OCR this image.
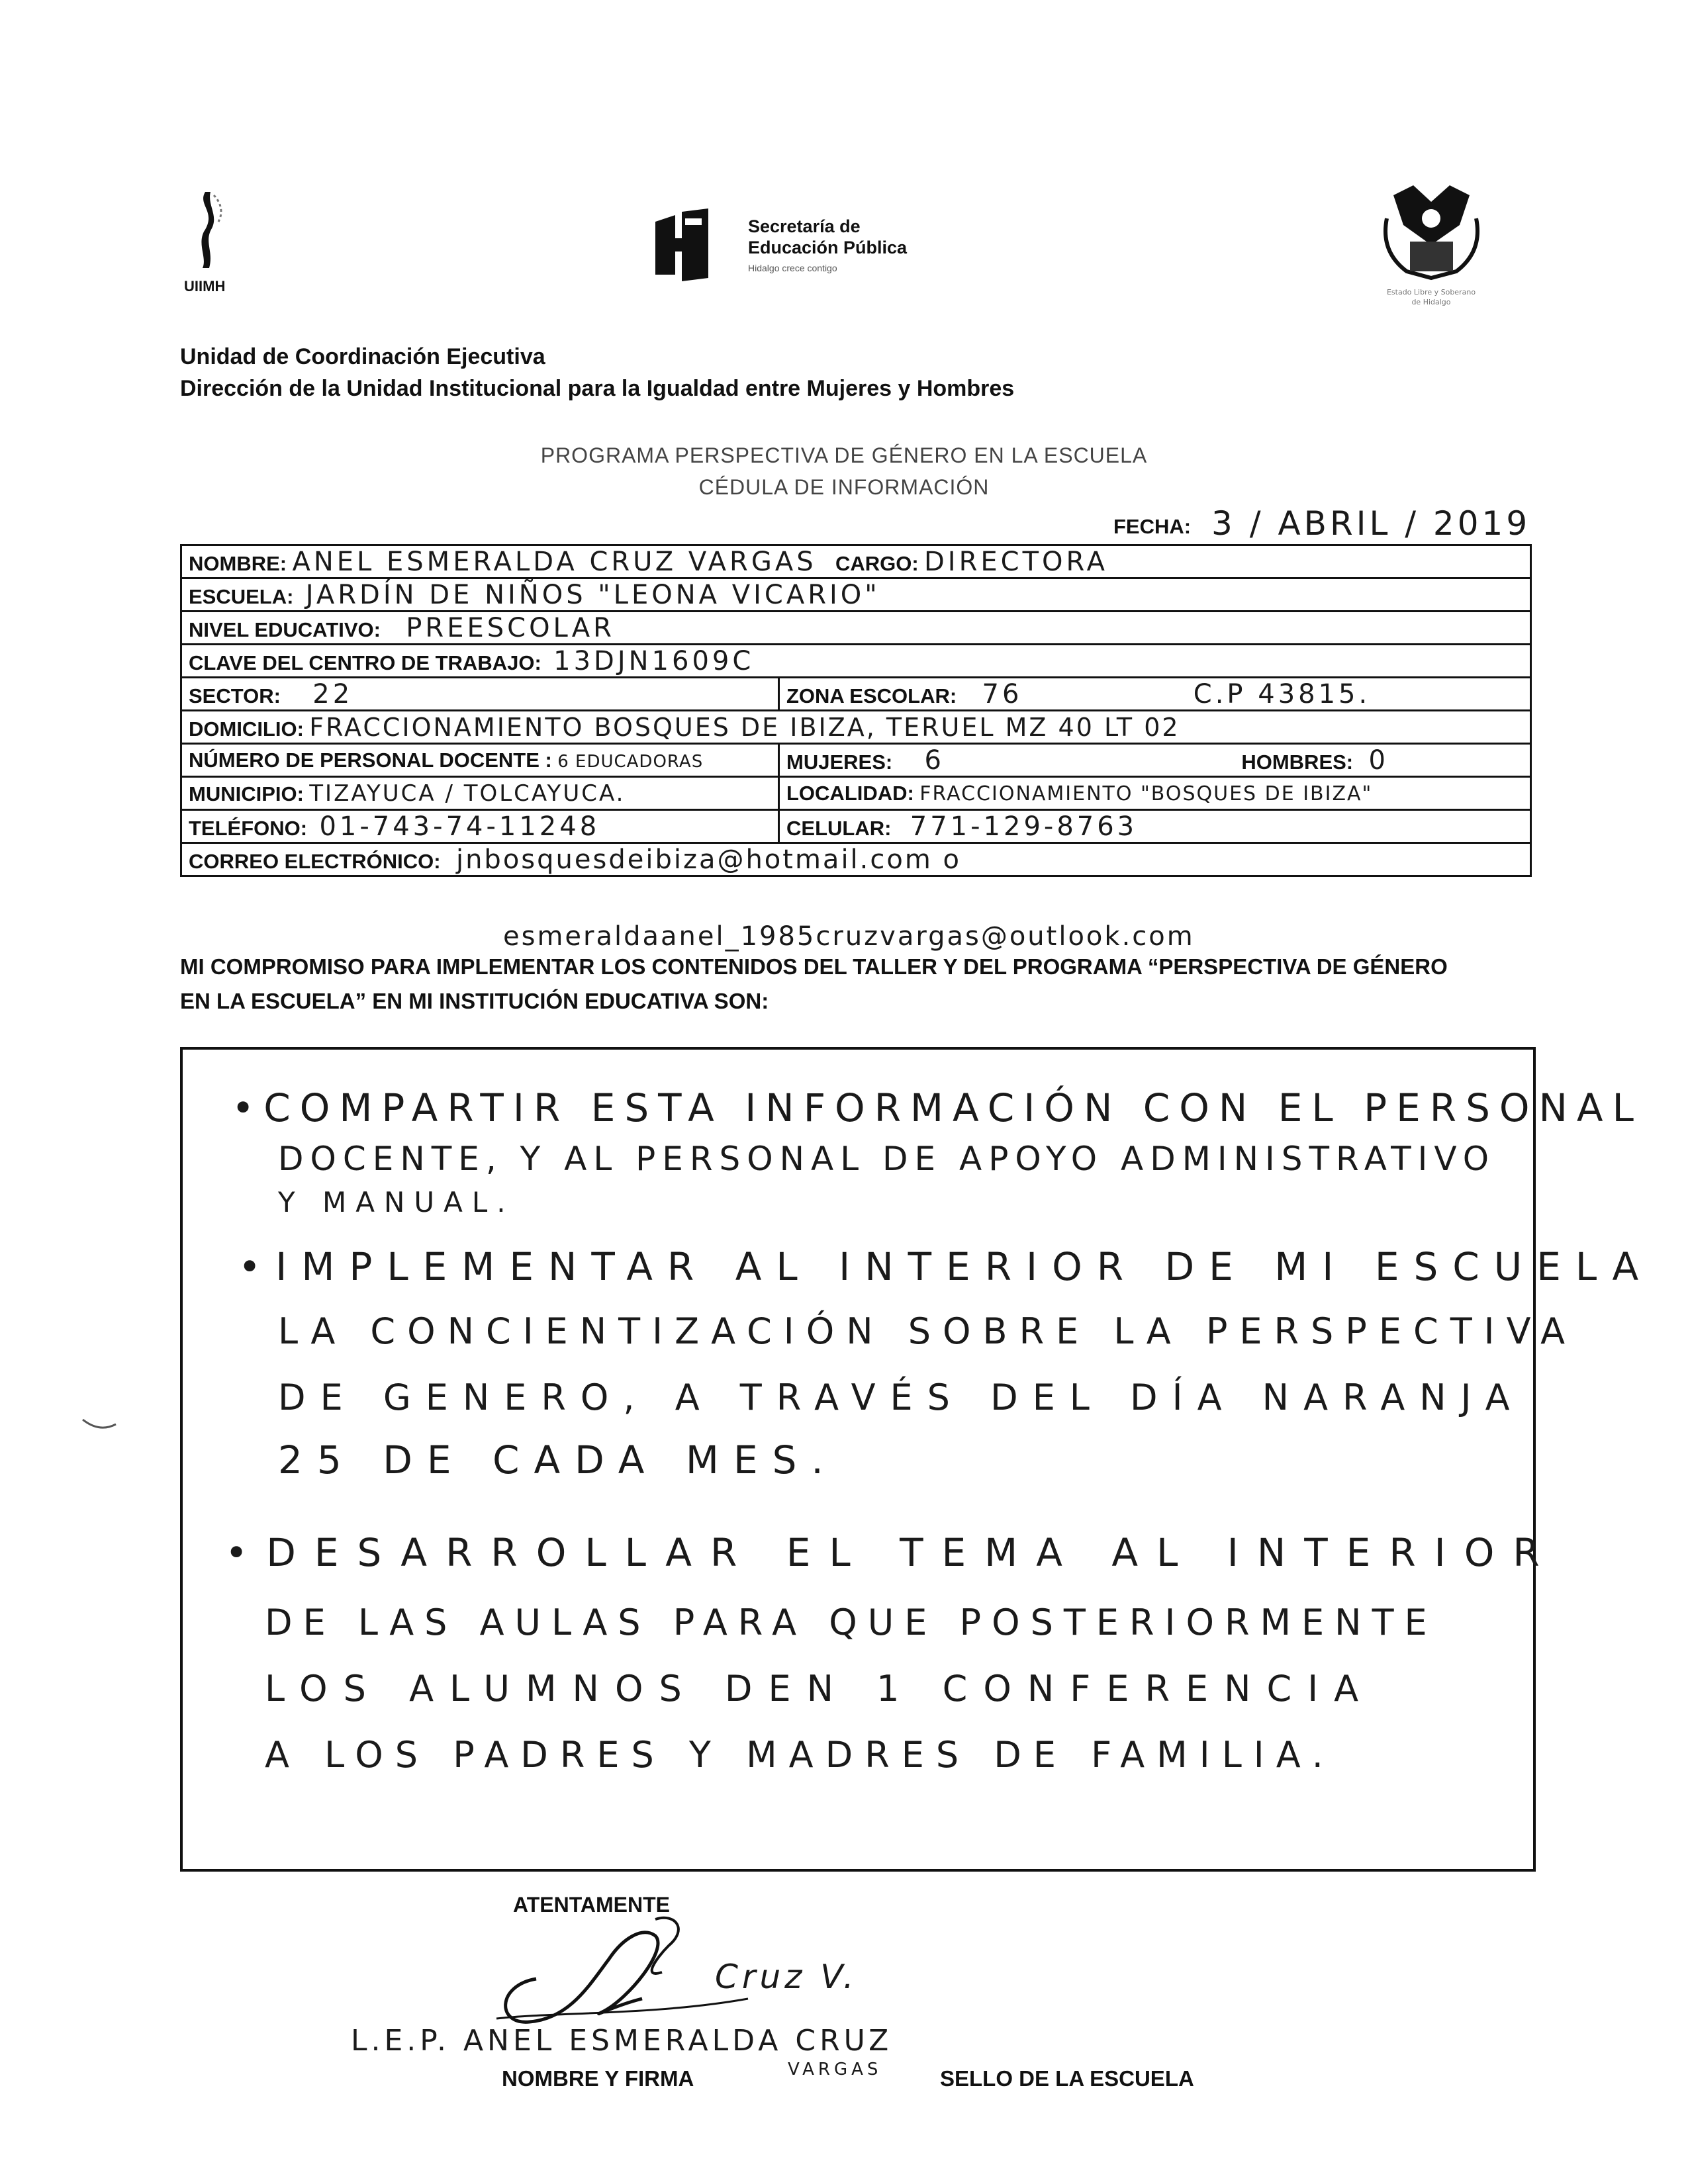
UIIMH
Secretaría de
Educación Pública
Hidalgo crece contigo
Estado Libre y Soberano
de Hidalgo
Unidad de Coordinación Ejecutiva
Dirección de la Unidad Institucional para la Igualdad entre Mujeres y Hombres
PROGRAMA PERSPECTIVA DE GÉNERO EN LA ESCUELA
CÉDULA DE INFORMACIÓN
FECHA: 3 / ABRIL / 2019
NOMBRE: ANEL ESMERALDA CRUZ VARGAS CARGO: DIRECTORA	
ESCUELA: JARDÍN DE NIÑOS "LEONA VICARIO"	
NIVEL EDUCATIVO: PREESCOLAR	
CLAVE DEL CENTRO DE TRABAJO: 13DJN1609C	
SECTOR: 22	ZONA ESCOLAR: 76 C.P 43815.
DOMICILIO: FRACCIONAMIENTO BOSQUES DE IBIZA, TERUEL MZ 40 LT 02	
NÚMERO DE PERSONAL DOCENTE : 6 EDUCADORAS	MUJERES: 6 HOMBRES: 0
MUNICIPIO: TIZAYUCA / TOLCAYUCA.	LOCALIDAD: FRACCIONAMIENTO "BOSQUES DE IBIZA"
TELÉFONO: 01-743-74-11248	CELULAR: 771-129-8763
CORREO ELECTRÓNICO: jnbosquesdeibiza@hotmail.com o	
esmeraldaanel_1985cruzvargas@outlook.com
MI COMPROMISO PARA IMPLEMENTAR LOS CONTENIDOS DEL TALLER Y DEL PROGRAMA “PERSPECTIVA DE GÉNERO
EN LA ESCUELA” EN MI INSTITUCIÓN EDUCATIVA SON:
•COMPARTIR ESTA INFORMACIÓN CON EL PERSONAL
DOCENTE, Y AL PERSONAL DE APOYO ADMINISTRATIVO
Y MANUAL.
•IMPLEMENTAR AL INTERIOR DE MI ESCUELA
LA CONCIENTIZACIÓN SOBRE LA PERSPECTIVA
DE GENERO, A TRAVÉS DEL DÍA NARANJA
25 DE CADA MES.
•DESARROLLAR EL TEMA AL INTERIOR
DE LAS AULAS PARA QUE POSTERIORMENTE
LOS ALUMNOS DEN 1 CONFERENCIA
A LOS PADRES Y MADRES DE FAMILIA.
ATENTAMENTE
Cruz V.
L.E.P. ANEL ESMERALDA CRUZ
VARGAS
NOMBRE Y FIRMA	SELLO DE LA ESCUELA
